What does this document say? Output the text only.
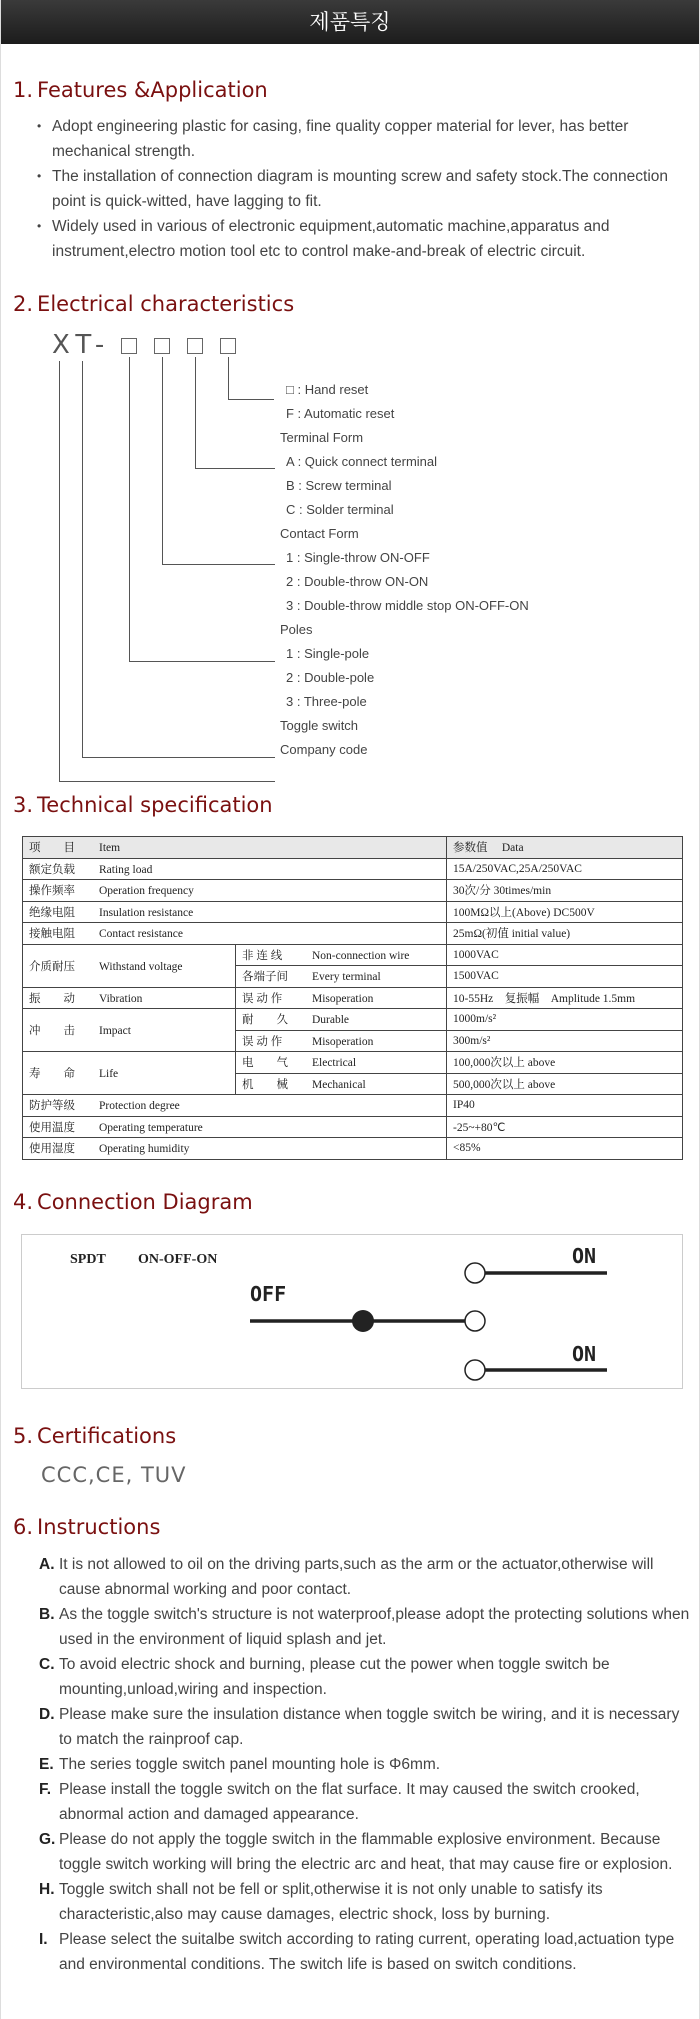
제품특징
1. Features &Application
• Adopt engineering plastic for casing, fine quality copper material for lever, has better mechanical strength.
• The installation of connection diagram is mounting screw and safety stock.The connection point is quick-witted, have lagging to fit.
• Widely used in various of electronic equipment,automatic machine,apparatus and instrument,electro motion tool etc to control make-and-break of electric circuit.
2. Electrical characteristics
XT-
□ : Hand reset
F : Automatic reset
Terminal Form
A : Quick connect terminal
B : Screw terminal
C : Solder terminal
Contact Form
1 : Single-throw ON-OFF
2 : Double-throw ON-ON
3 : Double-throw middle stop ON-OFF-ON
Poles
1 : Single-pole
2 : Double-pole
3 : Three-pole
Toggle switch
Company code
3. Technical specification
项　　目 Item		参数值 Data
额定负载 Rating load		15A/250VAC,25A/250VAC
操作频率 Operation frequency		30次/分 30times/min
绝缘电阻 Insulation resistance		100MΩ以上(Above) DC500V
接触电阻 Contact resistance		25mΩ(初值 initial value)
介质耐压 Withstand voltage	非 连 线 Non-connection wire	1000VAC
	各端子间 Every terminal	1500VAC
振　　动 Vibration	误 动 作 Misoperation	10-55Hz　复振幅　Amplitude 1.5mm
冲　　击 Impact	耐　　久 Durable	1000m/s²
	误 动 作 Misoperation	300m/s²
寿　　命 Life	电　　气 Electrical	100,000次以上 above
	机　　械 Mechanical	500,000次以上 above
防护等级 Protection degree		IP40
使用温度 Operating temperature		-25~+80℃
使用湿度 Operating humidity		<85%
4. Connection Diagram
SPDT ON-OFF-ON	ON
OFF
ON
5. Certifications
CCC,CE, TUV
6. Instructions
A. It is not allowed to oil on the driving parts,such as the arm or the actuator,otherwise will cause abnormal working and poor contact.
B. As the toggle switch's structure is not waterproof,please adopt the protecting solutions when used in the environment of liquid splash and jet.
C. To avoid electric shock and burning, please cut the power when toggle switch be mounting,unload,wiring and inspection.
D. Please make sure the insulation distance when toggle switch be wiring, and it is necessary to match the rainproof cap.
E. The series toggle switch panel mounting hole is Φ6mm.
F. Please install the toggle switch on the flat surface. It may caused the switch crooked, abnormal action and damaged appearance.
G. Please do not apply the toggle switch in the flammable explosive environment. Because toggle switch working will bring the electric arc and heat, that may cause fire or explosion.
H. Toggle switch shall not be fell or split,otherwise it is not only unable to satisfy its characteristic,also may cause damages, electric shock, loss by burning.
I. Please select the suitalbe switch according to rating current, operating load,actuation type and environmental conditions. The switch life is based on switch conditions.
